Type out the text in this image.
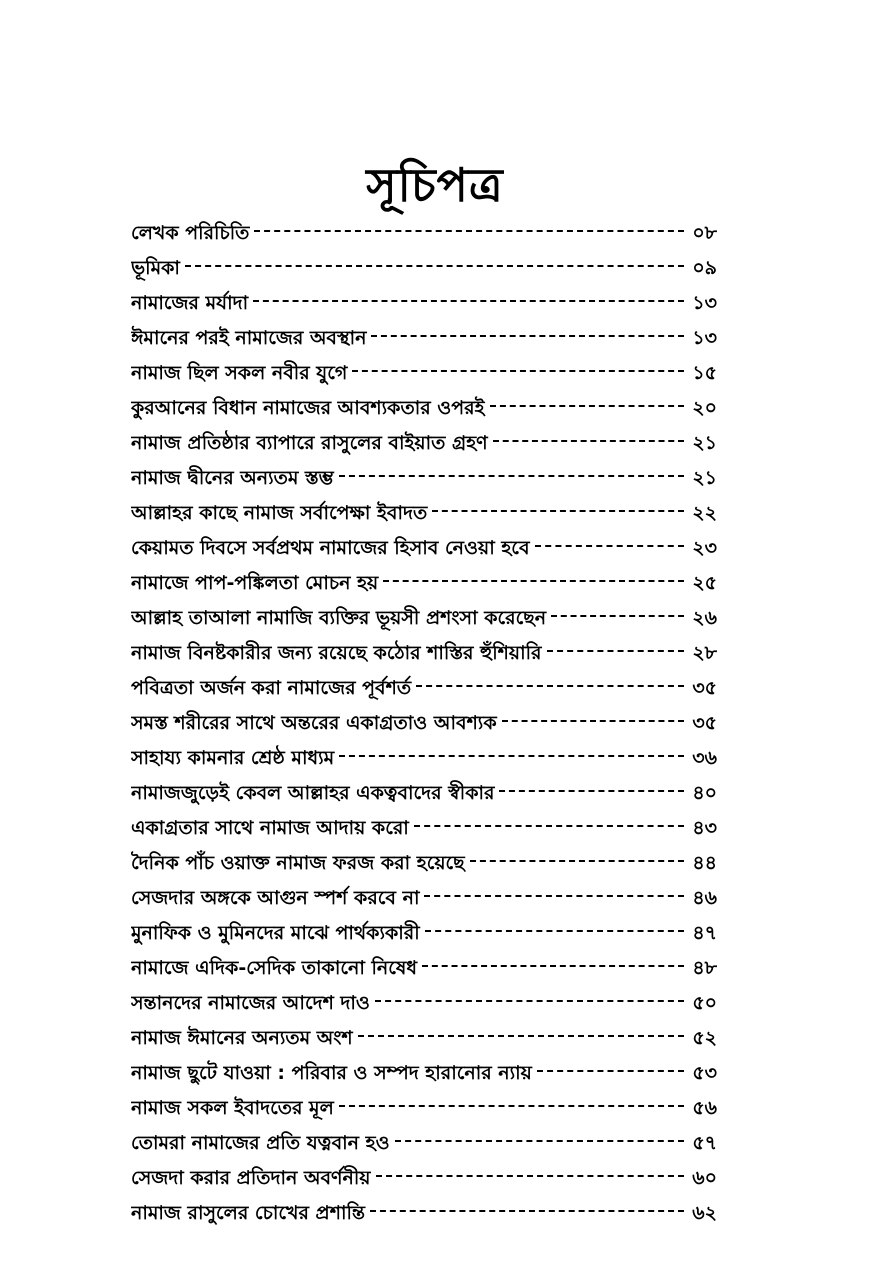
সূচিপত্র
লেখক পরিচিতি	০৮
ভূমিকা	০৯
নামাজের মর্যাদা	১৩
ঈমানের পরই নামাজের অবস্থান	১৩
নামাজ ছিল সকল নবীর যুগে	১৫
কুরআনের বিধান নামাজের আবশ্যকতার ওপরই	২০
নামাজ প্রতিষ্ঠার ব্যাপারে রাসুলের বাইয়াত গ্রহণ	২১
নামাজ দ্বীনের অন্যতম স্তম্ভ	২১
আল্লাহর কাছে নামাজ সর্বাপেক্ষা ইবাদত	২২
কেয়ামত দিবসে সর্বপ্রথম নামাজের হিসাব নেওয়া হবে	২৩
নামাজে পাপ-পঙ্কিলতা মোচন হয়	২৫
আল্লাহ তাআলা নামাজি ব্যক্তির ভূয়সী প্রশংসা করেছেন	২৬
নামাজ বিনষ্টকারীর জন্য রয়েছে কঠোর শাস্তির হুঁশিয়ারি	২৮
পবিত্রতা অর্জন করা নামাজের পূর্বশর্ত	৩৫
সমস্ত শরীরের সাথে অন্তরের একাগ্রতাও আবশ্যক	৩৫
সাহায্য কামনার শ্রেষ্ঠ মাধ্যম	৩৬
নামাজজুড়েই কেবল আল্লাহর একত্ববাদের স্বীকার	৪০
একাগ্রতার সাথে নামাজ আদায় করো	৪৩
দৈনিক পাঁচ ওয়াক্ত নামাজ ফরজ করা হয়েছে	৪৪
সেজদার অঙ্গকে আগুন স্পর্শ করবে না	৪৬
মুনাফিক ও মুমিনদের মাঝে পার্থক্যকারী	৪৭
নামাজে এদিক-সেদিক তাকানো নিষেধ	৪৮
সন্তানদের নামাজের আদেশ দাও	৫০
নামাজ ঈমানের অন্যতম অংশ	৫২
নামাজ ছুটে যাওয়া : পরিবার ও সম্পদ হারানোর ন্যায়	৫৩
নামাজ সকল ইবাদতের মূল	৫৬
তোমরা নামাজের প্রতি যত্নবান হও	৫৭
সেজদা করার প্রতিদান অবর্ণনীয়	৬০
নামাজ রাসুলের চোখের প্রশান্তি	৬২
